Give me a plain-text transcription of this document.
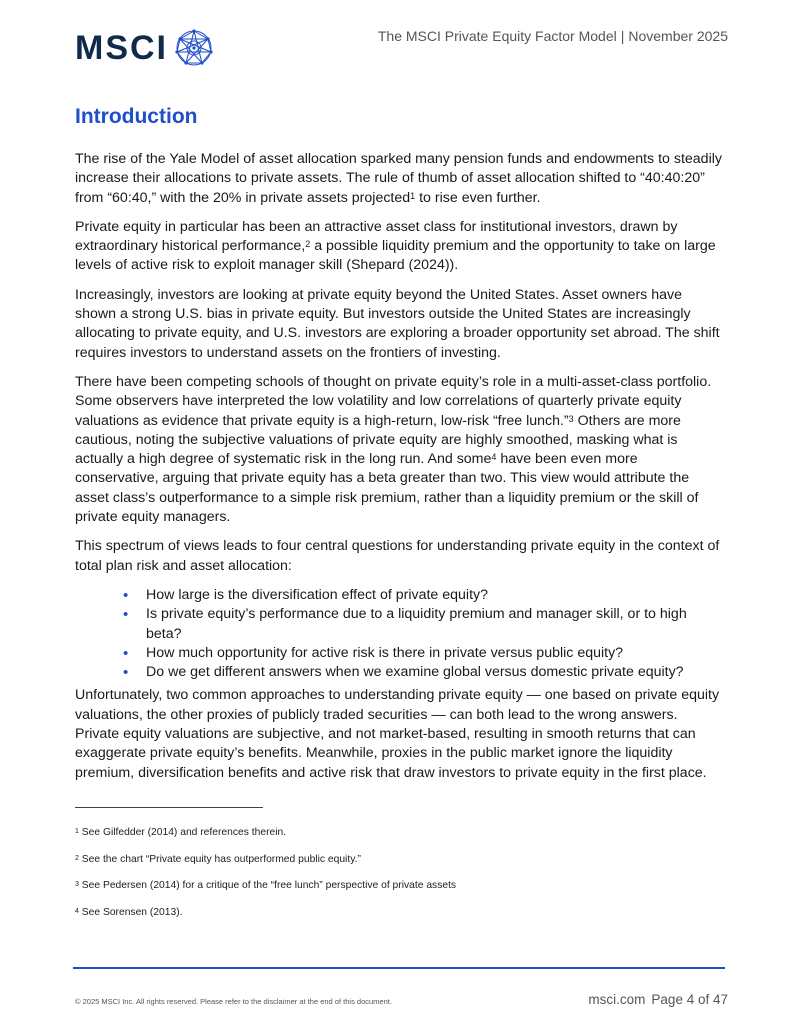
MSCI	The MSCI Private Equity Factor Model | November 2025
Introduction

The rise of the Yale Model of asset allocation sparked many pension funds and endowments to steadily increase their allocations to private assets. The rule of thumb of asset allocation shifted to “40:40:20” from “60:40,” with the 20% in private assets projected$^1$ to rise even further.

Private equity in particular has been an attractive asset class for institutional investors, drawn by extraordinary historical performance,$^2$ a possible liquidity premium and the opportunity to take on large levels of active risk to exploit manager skill (Shepard (2024)).

Increasingly, investors are looking at private equity beyond the United States. Asset owners have shown a strong U.S. bias in private equity. But investors outside the United States are increasingly allocating to private equity, and U.S. investors are exploring a broader opportunity set abroad. The shift requires investors to understand assets on the frontiers of investing.

There have been competing schools of thought on private equity’s role in a multi-asset-class portfolio. Some observers have interpreted the low volatility and low correlations of quarterly private equity valuations as evidence that private equity is a high-return, low-risk “free lunch.”$^3$ Others are more cautious, noting the subjective valuations of private equity are highly smoothed, masking what is actually a high degree of systematic risk in the long run. And some$^4$ have been even more conservative, arguing that private equity has a beta greater than two. This view would attribute the asset class’s outperformance to a simple risk premium, rather than a liquidity premium or the skill of private equity managers.

This spectrum of views leads to four central questions for understanding private equity in the context of total plan risk and asset allocation:

• How large is the diversification effect of private equity?
• Is private equity’s performance due to a liquidity premium and manager skill, or to high beta?
• How much opportunity for active risk is there in private versus public equity?
• Do we get different answers when we examine global versus domestic private equity?

Unfortunately, two common approaches to understanding private equity — one based on private equity valuations, the other proxies of publicly traded securities — can both lead to the wrong answers. Private equity valuations are subjective, and not market-based, resulting in smooth returns that can exaggerate private equity’s benefits. Meanwhile, proxies in the public market ignore the liquidity premium, diversification benefits and active risk that draw investors to private equity in the first place.

$^1$ See Gilfedder (2014) and references therein.
$^2$ See the chart “Private equity has outperformed public equity.”
$^3$ See Pedersen (2014) for a critique of the “free lunch” perspective of private assets
$^4$ See Sorensen (2013).
© 2025 MSCI Inc. All rights reserved. Please refer to the disclaimer at the end of this document.	msci.com Page 4 of 47
